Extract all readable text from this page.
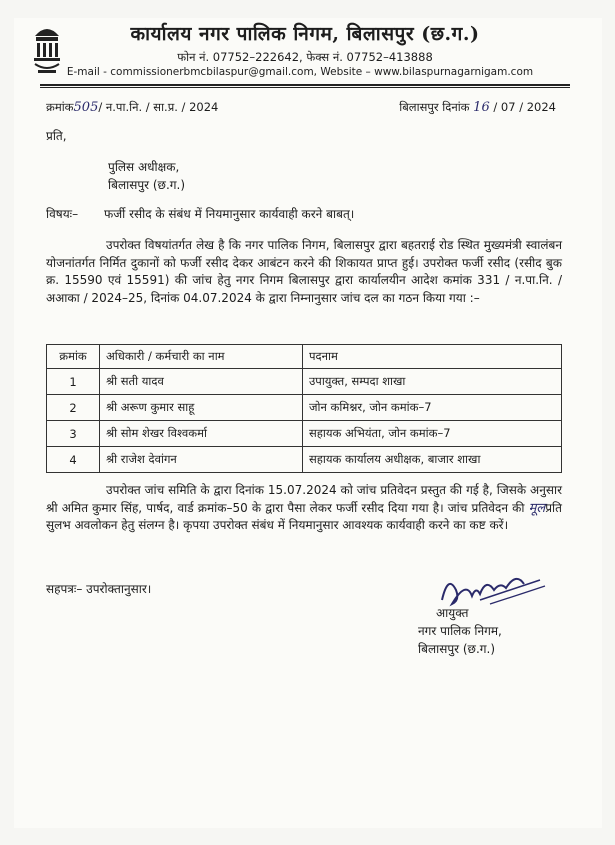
कार्यालय नगर पालिक निगम, बिलासपुर (छ.ग.)
फोन नं. 07752–222642, फेक्स नं. 07752–413888
E-mail - commissionerbmcbilaspur@gmail.com, Website – www.bilaspurnagarnigam.com
क्रमांक505/ न.पा.नि. / सा.प्र. / 2024	बिलासपुर दिनांक 16 / 07 / 2024
प्रति,
पुलिस अधीक्षक,
बिलासपुर (छ.ग.)
विषयः– फर्जी रसीद के संबंध में नियमानुसार कार्यवाही करने बाबत्।
उपरोक्त विषयांतर्गत लेख है कि नगर पालिक निगम, बिलासपुर द्वारा बहतराई रोड स्थित मुख्यमंत्री स्वालंबन योजनांतर्गत निर्मित दुकानों को फर्जी रसीद देकर आबंटन करने की शिकायत प्राप्त हुई। उपरोक्त फर्जी रसीद (रसीद बुक क्र. 15590 एवं 15591) की जांच हेतु नगर निगम बिलासपुर द्वारा कार्यालयीन आदेश कमांक 331 / न.पा.नि. / अआका / 2024–25, दिनांक 04.07.2024 के द्वारा निम्नानुसार जांच दल का गठन किया गया :–
क्रमांक	अधिकारी / कर्मचारी का नाम	पदनाम
1	श्री सती यादव	उपायुक्त, सम्पदा शाखा
2	श्री अरूण कुमार साहू	जोन कमिश्नर, जोन कमांक–7
3	श्री सोम शेखर विश्वकर्मा	सहायक अभियंता, जोन कमांक–7
4	श्री राजेश देवांगन	सहायक कार्यालय अधीक्षक, बाजार शाखा
उपरोक्त जांच समिति के द्वारा दिनांक 15.07.2024 को जांच प्रतिवेदन प्रस्तुत की गई है, जिसके अनुसार श्री अमित कुमार सिंह, पार्षद, वार्ड क्रमांक–50 के द्वारा पैसा लेकर फर्जी रसीद दिया गया है। जांच प्रतिवेदन की मूलप्रति सुलभ अवलोकन हेतु संलग्न है। कृपया उपरोक्त संबंध में नियमानुसार आवश्यक कार्यवाही करने का कष्ट करें।
सहपत्रः– उपरोक्तानुसार।
आयुक्त
नगर पालिक निगम,
बिलासपुर (छ.ग.)
